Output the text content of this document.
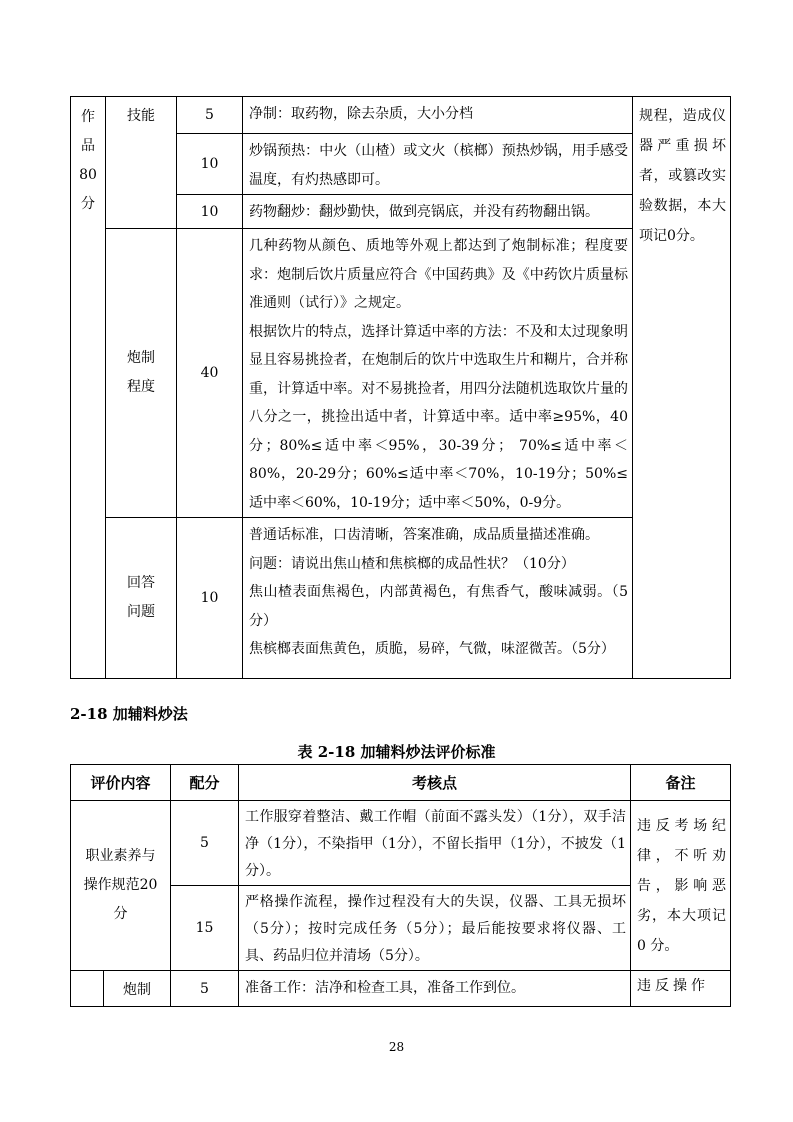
作品80分	技能	5	净制：取药物，除去杂质，大小分档	规程，造成仪器严重损坏者，或篡改实验数据，本大项记0分。
		10	炒锅预热：中火（山楂）或文火（槟榔）预热炒锅，用手感受温度，有灼热感即可。	
		10	药物翻炒：翻炒勤快，做到亮锅底，并没有药物翻出锅。	

	炮制程度	40	几种药物从颜色、质地等外观上都达到了炮制标准；程度要求：炮制后饮片质量应符合《中国药典》及《中药饮片质量标准通则（试行）》之规定。
根据饮片的特点，选择计算适中率的方法：不及和太过现象明显且容易挑捡者，在炮制后的饮片中选取生片和糊片，合并称重，计算适中率。对不易挑捡者，用四分法随机选取饮片量的八分之一，挑捡出适中者，计算适中率。适中率≥95%，40分；80%≤适中率＜95%，30-39分； 70%≤适中率＜80%，20-29分；60%≤适中率＜70%，10-19分；50%≤适中率＜60%，10-19分；适中率＜50%，0-9分。	

	回答问题	10	普通话标准，口齿清晰，答案准确，成品质量描述准确。
问题：请说出焦山楂和焦槟榔的成品性状？（10分）
焦山楂表面焦褐色，内部黄褐色，有焦香气，酸味减弱。（5分）
焦槟榔表面焦黄色，质脆，易碎，气微，味涩微苦。（5分）	
2-18 加辅料炒法
表 2-18 加辅料炒法评价标准
评价内容		配分	考核点	备注

职业素养与操作规范20 分		5	工作服穿着整洁、戴工作帽（前面不露头发）（1分），双手洁净（1分），不染指甲（1分），不留长指甲（1分），不披发（1分）。	违反考场纪律，不听劝告，影响恶劣，本大项记0 分。
		15	严格操作流程，操作过程没有大的失误，仪器、工具无损坏（5分）；按时完成任务（5分）；最后能按要求将仪器、工具、药品归位并清场（5分）。	
	炮制	5	准备工作：洁净和检查工具，准备工作到位。	违反操作
28
